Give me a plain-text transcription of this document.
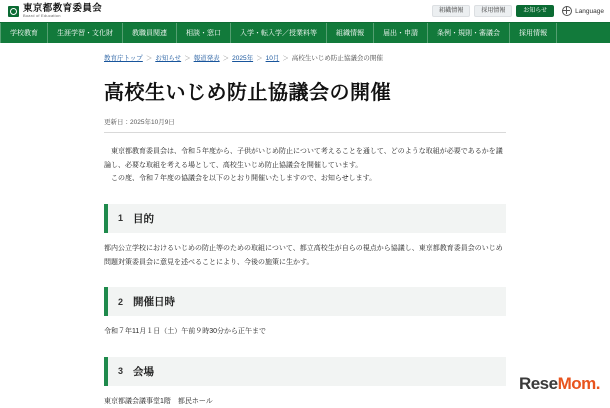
東京都教育委員会
Board of Education
組織情報	採用情報	お知らせ	Language
学校教育	生涯学習・文化財	教職員関連	相談・窓口	入学・転入学／授業料等	組織情報	届出・申請	条例・規則・審議会	採用情報
教育庁トップ ＞ お知らせ ＞ 報道発表 ＞ 2025年 ＞ 10月 ＞ 高校生いじめ防止協議会の開催
高校生いじめ防止協議会の開催
更新日：2025年10月9日

東京都教育委員会は、令和５年度から、子供がいじめ防止について考えることを通して、どのような取組が必要であるかを議論し、必要な取組を考える場として、高校生いじめ防止協議会を開催しています。

この度、令和７年度の協議会を以下のとおり開催いたしますので、お知らせします。

1 目的

都内公立学校におけるいじめの防止等のための取組について、都立高校生が自らの視点から協議し、東京都教育委員会のいじめ問題対策委員会に意見を述べることにより、今後の施策に生かす。

2 開催日時

令和７年11月１日（土）午前９時30分から正午まで

3 会場

東京都議会議事堂1階　都民ホール

Rese Mom .
